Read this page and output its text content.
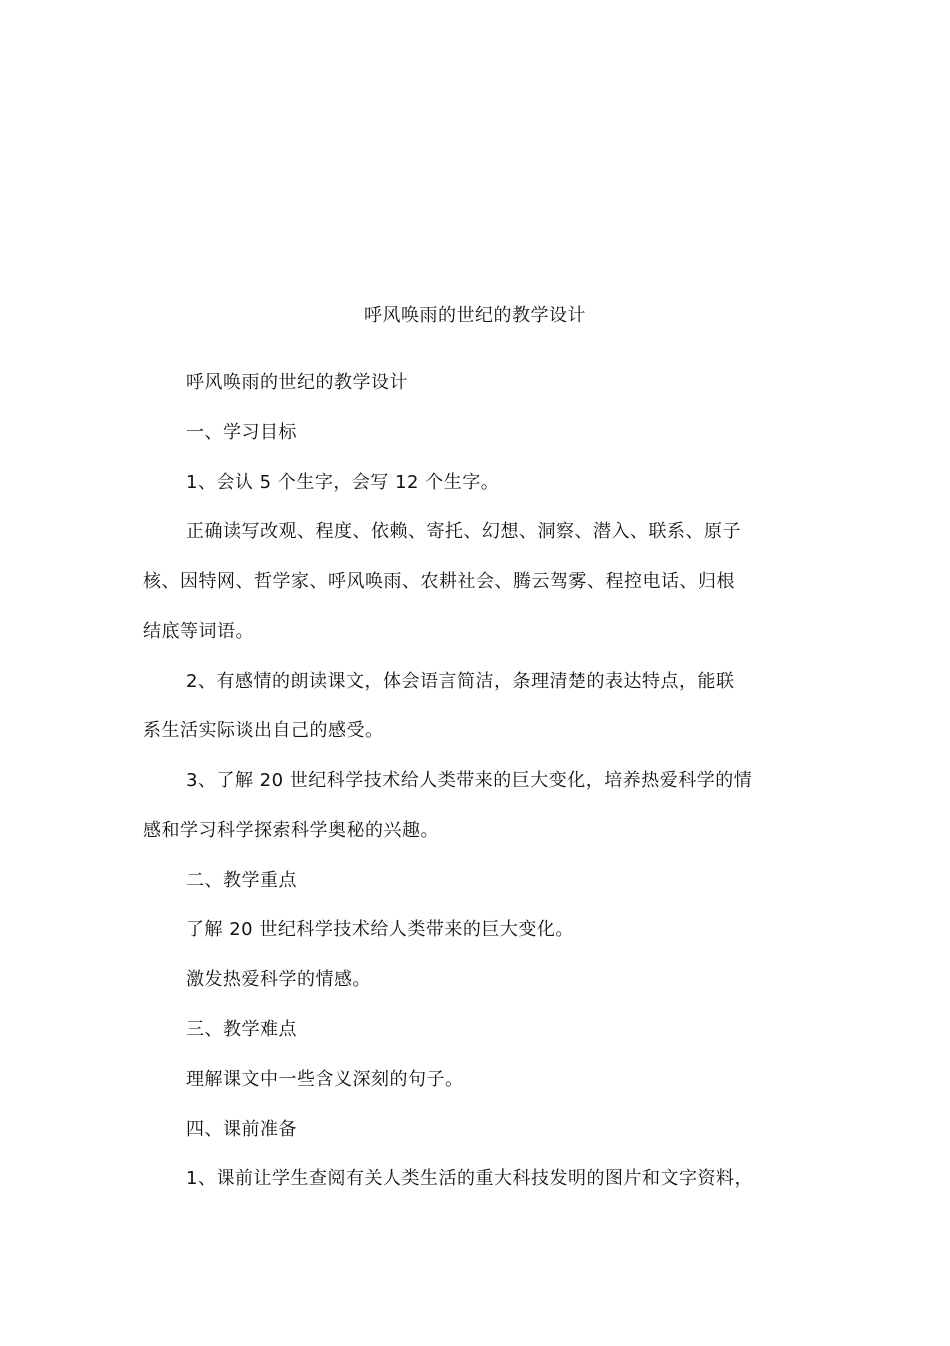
呼风唤雨的世纪的教学设计
呼风唤雨的世纪的教学设计
一、学习目标
1、会认 5 个生字，会写 12 个生字。
正确读写改观、程度、依赖、寄托、幻想、洞察、潜入、联系、原子
核、因特网、哲学家、呼风唤雨、农耕社会、腾云驾雾、程控电话、归根
结底等词语。
2、有感情的朗读课文，体会语言简洁，条理清楚的表达特点，能联
系生活实际谈出自己的感受。
3、了解 20 世纪科学技术给人类带来的巨大变化，培养热爱科学的情
感和学习科学探索科学奥秘的兴趣。
二、教学重点
了解 20 世纪科学技术给人类带来的巨大变化。
激发热爱科学的情感。
三、教学难点
理解课文中一些含义深刻的句子。
四、课前准备
1、课前让学生查阅有关人类生活的重大科技发明的图片和文字资料，
